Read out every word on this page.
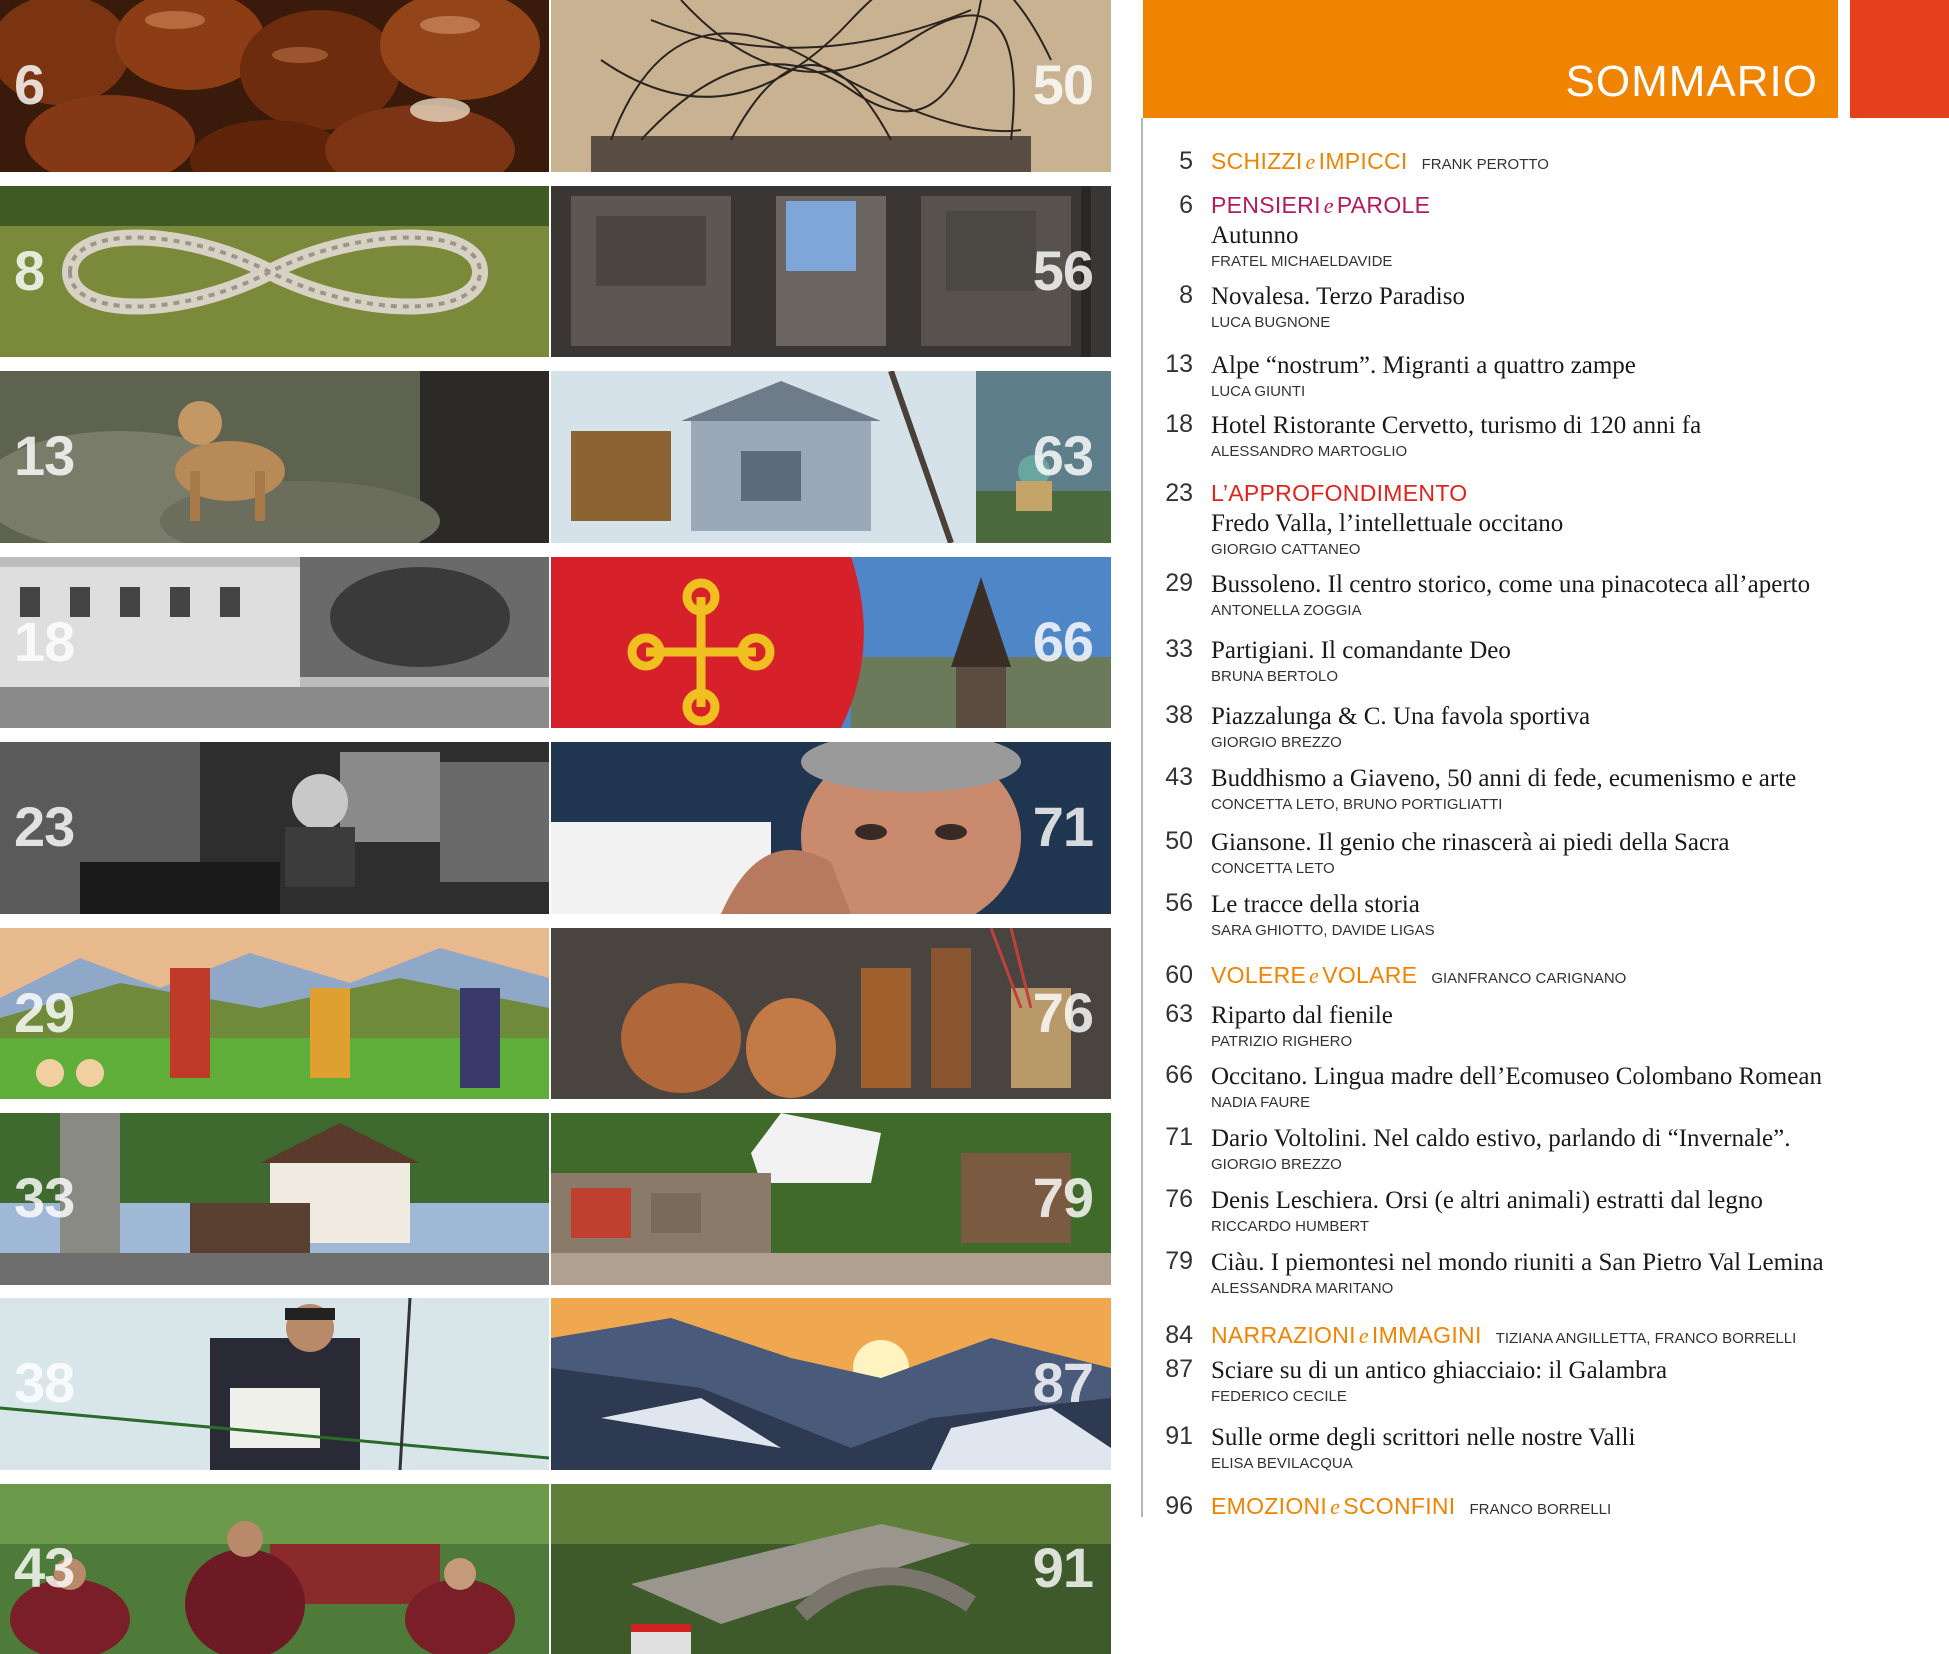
6	50
8	56
13	63
18	66
23	71
29	76
33	79
38	87
43	91
SOMMARIO
5 SCHIZZI e IMPICCI FRANK PEROTTO
6 PENSIERI e PAROLE
Autunno
FRATEL MICHAELDAVIDE
8 Novalesa. Terzo Paradiso
LUCA BUGNONE
13 Alpe “nostrum”. Migranti a quattro zampe
LUCA GIUNTI
18 Hotel Ristorante Cervetto, turismo di 120 anni fa
ALESSANDRO MARTOGLIO
23 L’APPROFONDIMENTO
Fredo Valla, l’intellettuale occitano
GIORGIO CATTANEO
29 Bussoleno. Il centro storico, come una pinacoteca all’aperto
ANTONELLA ZOGGIA
33 Partigiani. Il comandante Deo
BRUNA BERTOLO
38 Piazzalunga & C. Una favola sportiva
GIORGIO BREZZO
43 Buddhismo a Giaveno, 50 anni di fede, ecumenismo e arte
CONCETTA LETO, BRUNO PORTIGLIATTI
50 Giansone. Il genio che rinascerà ai piedi della Sacra
CONCETTA LETO
56 Le tracce della storia
SARA GHIOTTO, DAVIDE LIGAS
60 VOLERE e VOLARE GIANFRANCO CARIGNANO
63 Riparto dal fienile
PATRIZIO RIGHERO
66 Occitano. Lingua madre dell’Ecomuseo Colombano Romean
NADIA FAURE
71 Dario Voltolini. Nel caldo estivo, parlando di “Invernale”.
GIORGIO BREZZO
76 Denis Leschiera. Orsi (e altri animali) estratti dal legno
RICCARDO HUMBERT
79 Ciàu. I piemontesi nel mondo riuniti a San Pietro Val Lemina
ALESSANDRA MARITANO
84 NARRAZIONI e IMMAGINI TIZIANA ANGILLETTA, FRANCO BORRELLI
87 Sciare su di un antico ghiacciaio: il Galambra
FEDERICO CECILE
91 Sulle orme degli scrittori nelle nostre Valli
ELISA BEVILACQUA
96 EMOZIONI e SCONFINI FRANCO BORRELLI
